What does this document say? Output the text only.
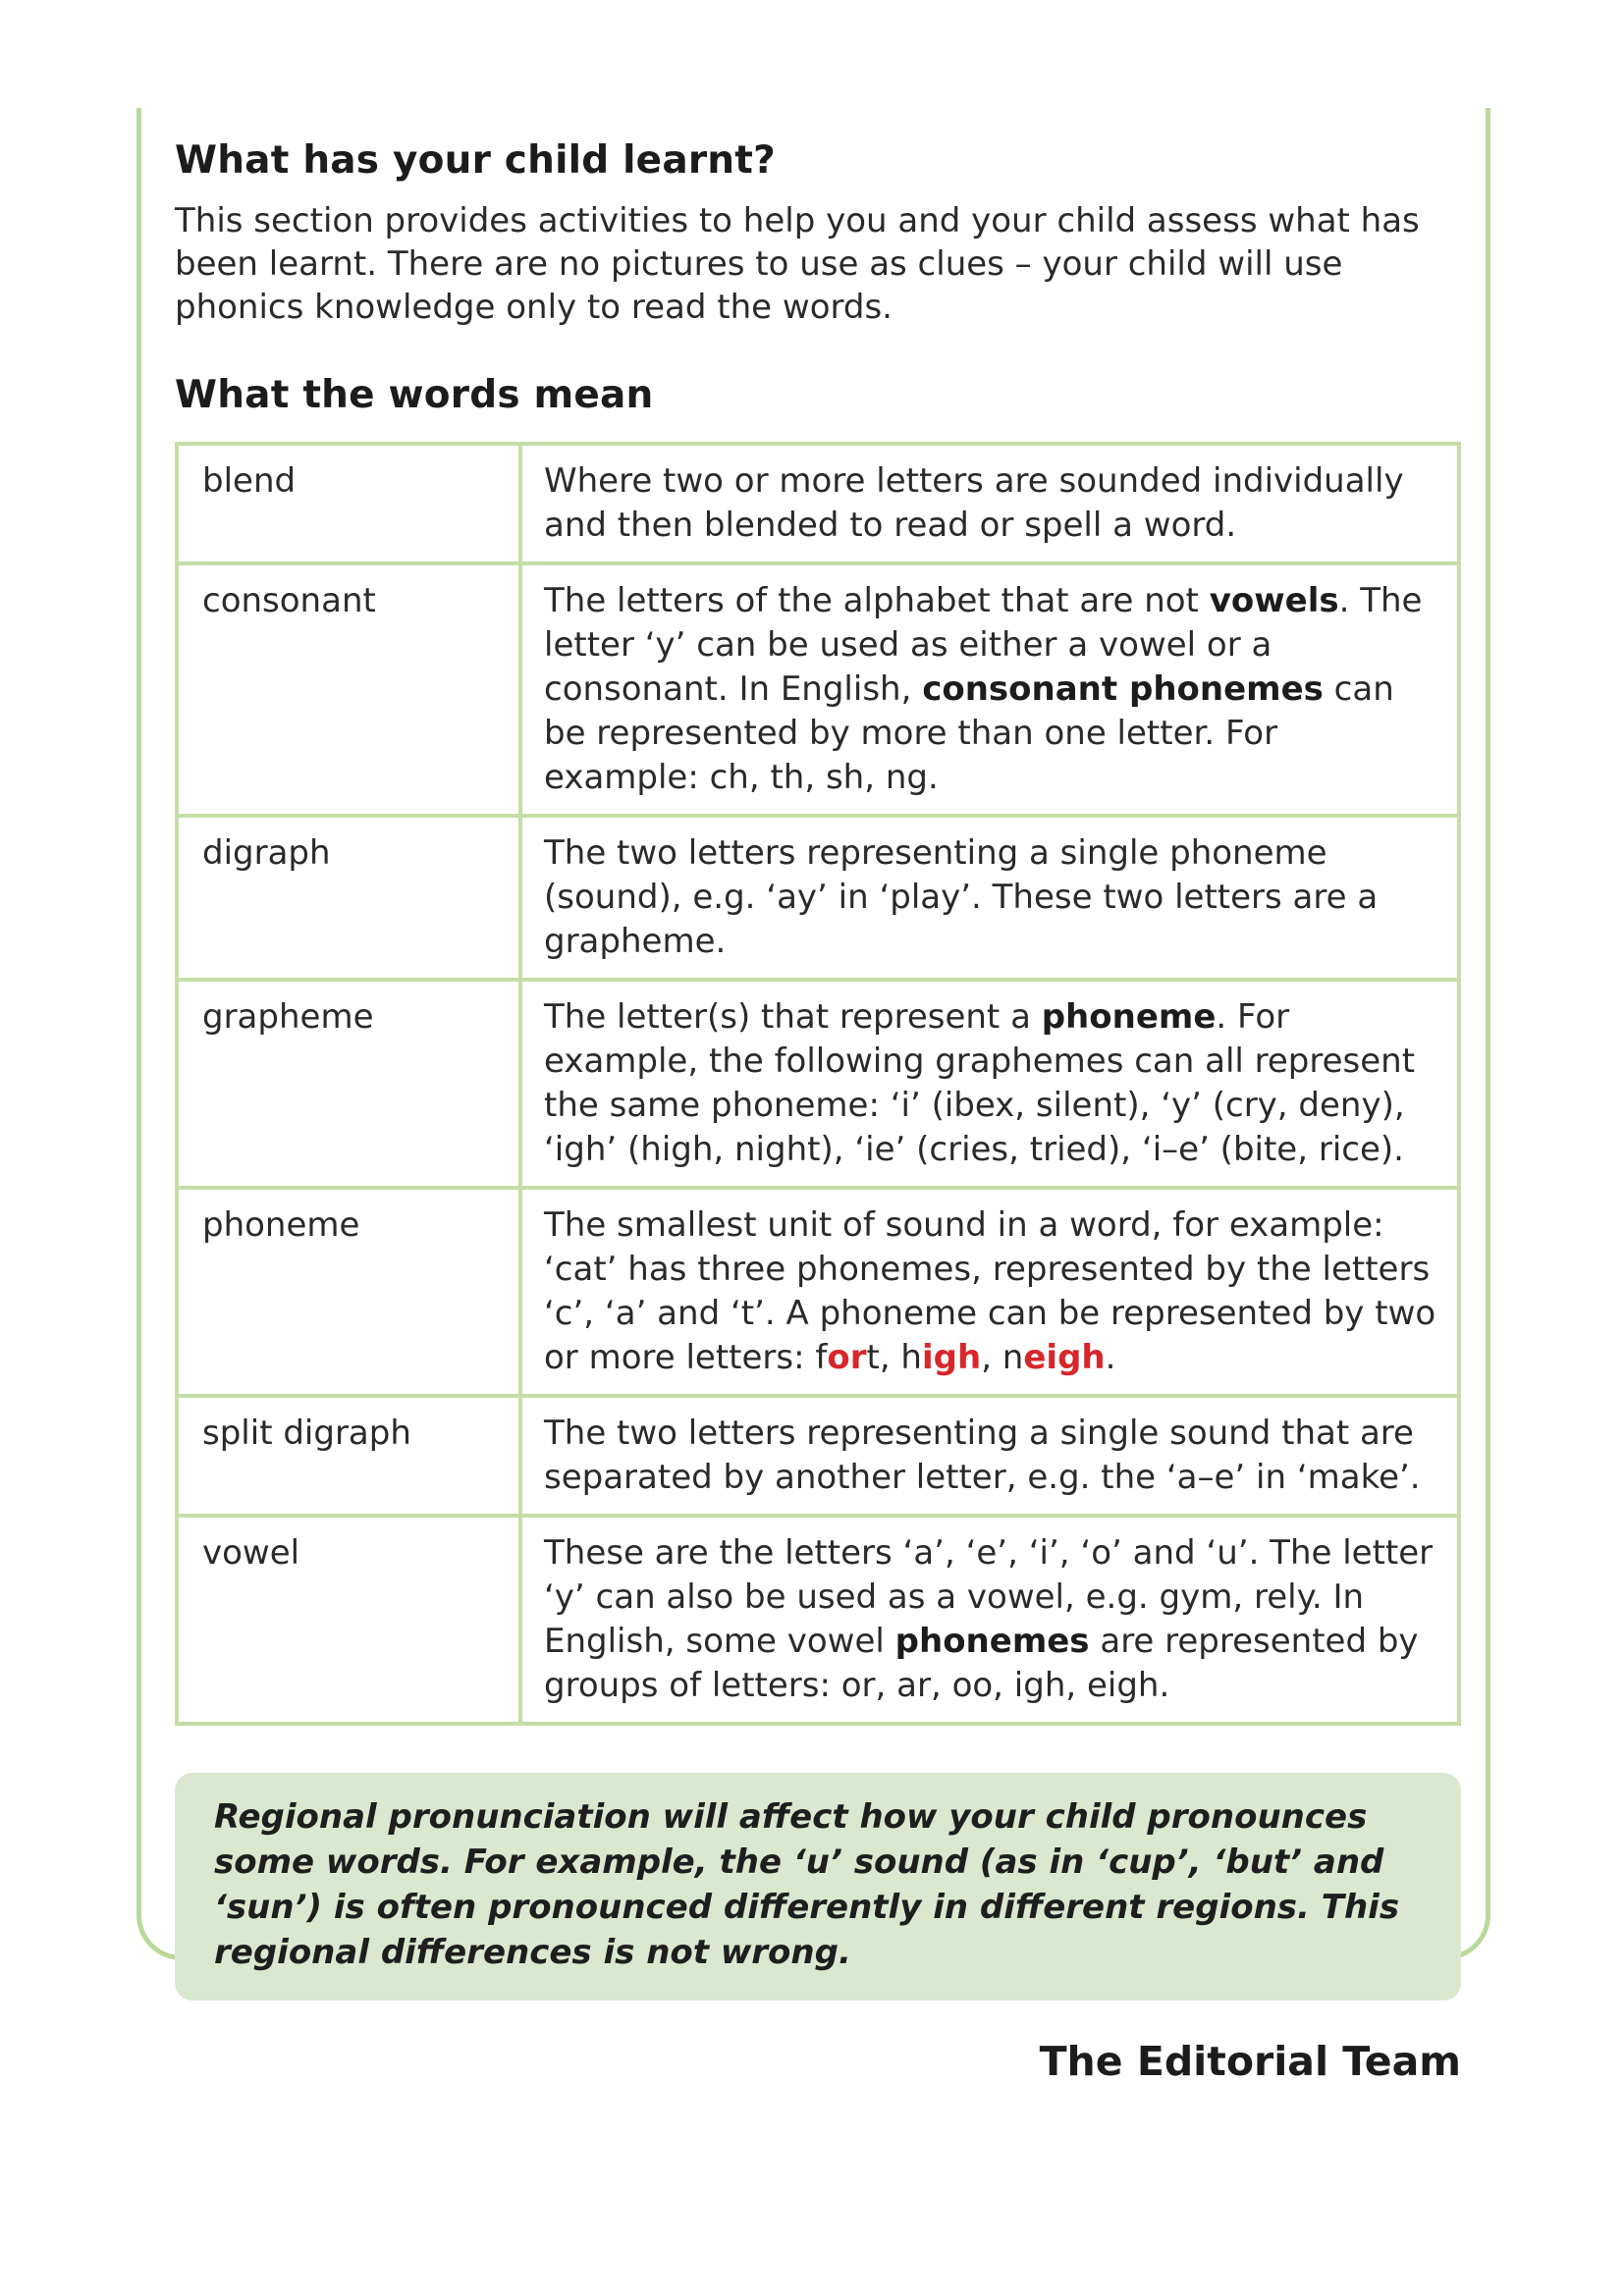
What has your child learnt?

This section provides activities to help you and your child assess what has been learnt. There are no pictures to use as clues – your child will use phonics knowledge only to read the words.

What the words mean
blend	Where two or more letters are sounded individually and then blended to read or spell a word.
consonant	The letters of the alphabet that are not vowels. The letter ‘y’ can be used as either a vowel or a consonant. In English, consonant phonemes can be represented by more than one letter. For example: ch, th, sh, ng.
digraph	The two letters representing a single phoneme (sound), e.g. ‘ay’ in ‘play’. These two letters are a grapheme.
grapheme	The letter(s) that represent a phoneme. For example, the following graphemes can all represent the same phoneme: ‘i’ (ibex, silent), ‘y’ (cry, deny), ‘igh’ (high, night), ‘ie’ (cries, tried), ‘i–e’ (bite, rice).
phoneme	The smallest unit of sound in a word, for example: ‘cat’ has three phonemes, represented by the letters ‘c’, ‘a’ and ‘t’. A phoneme can be represented by two or more letters: fort, high, neigh.
split digraph	The two letters representing a single sound that are separated by another letter, e.g. the ‘a–e’ in ‘make’.
vowel	These are the letters ‘a’, ‘e’, ‘i’, ‘o’ and ‘u’. The letter ‘y’ can also be used as a vowel, e.g. gym, rely. In English, some vowel phonemes are represented by groups of letters: or, ar, oo, igh, eigh.
Regional pronunciation will affect how your child pronounces some words. For example, the ‘u’ sound (as in ‘cup’, ‘but’ and ‘sun’) is often pronounced differently in different regions. This regional differences is not wrong.
The Editorial Team
